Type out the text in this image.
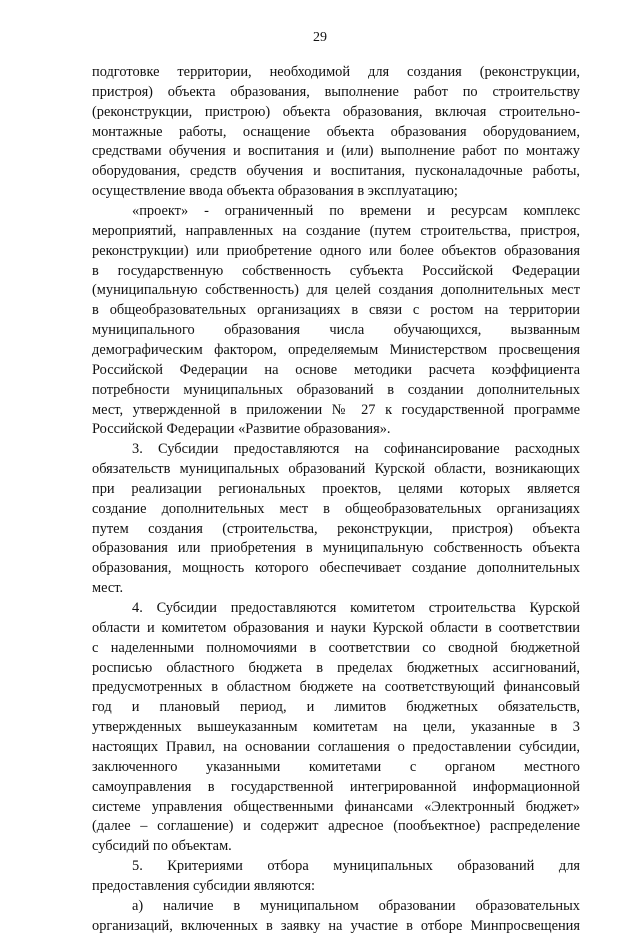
29
подготовке территории, необходимой для создания (реконструкции,
пристроя) объекта образования, выполнение работ по строительству
(реконструкции, пристрою) объекта образования, включая строительно-
монтажные работы, оснащение объекта образования оборудованием,
средствами обучения и воспитания и (или) выполнение работ по монтажу
оборудования, средств обучения и воспитания, пусконаладочные работы,
осуществление ввода объекта образования в эксплуатацию;
«проект» - ограниченный по времени и ресурсам комплекс
мероприятий, направленных на создание (путем строительства, пристроя,
реконструкции) или приобретение одного или более объектов образования
в государственную собственность субъекта Российской Федерации
(муниципальную собственность) для целей создания дополнительных мест
в общеобразовательных организациях в связи с ростом на территории
муниципального образования числа обучающихся, вызванным
демографическим фактором, определяемым Министерством просвещения
Российской Федерации на основе методики расчета коэффициента
потребности муниципальных образований в создании дополнительных
мест, утвержденной в приложении № 27 к государственной программе
Российской Федерации «Развитие образования».
3. Субсидии предоставляются на софинансирование расходных
обязательств муниципальных образований Курской области, возникающих
при реализации региональных проектов, целями которых является
создание дополнительных мест в общеобразовательных организациях
путем создания (строительства, реконструкции, пристроя) объекта
образования или приобретения в муниципальную собственность объекта
образования, мощность которого обеспечивает создание дополнительных
мест.
4. Субсидии предоставляются комитетом строительства Курской
области и комитетом образования и науки Курской области в соответствии
с наделенными полномочиями в соответствии со сводной бюджетной
росписью областного бюджета в пределах бюджетных ассигнований,
предусмотренных в областном бюджете на соответствующий финансовый
год и плановый период, и лимитов бюджетных обязательств,
утвержденных вышеуказанным комитетам на цели, указанные в 3
настоящих Правил, на основании соглашения о предоставлении субсидии,
заключенного указанными комитетами с органом местного
самоуправления в государственной интегрированной информационной
системе управления общественными финансами «Электронный бюджет»
(далее – соглашение) и содержит адресное (пообъектное) распределение
субсидий по объектам.
5. Критериями отбора муниципальных образований для
предоставления субсидии являются:
а) наличие в муниципальном образовании образовательных
организаций, включенных в заявку на участие в отборе Минпросвещения
